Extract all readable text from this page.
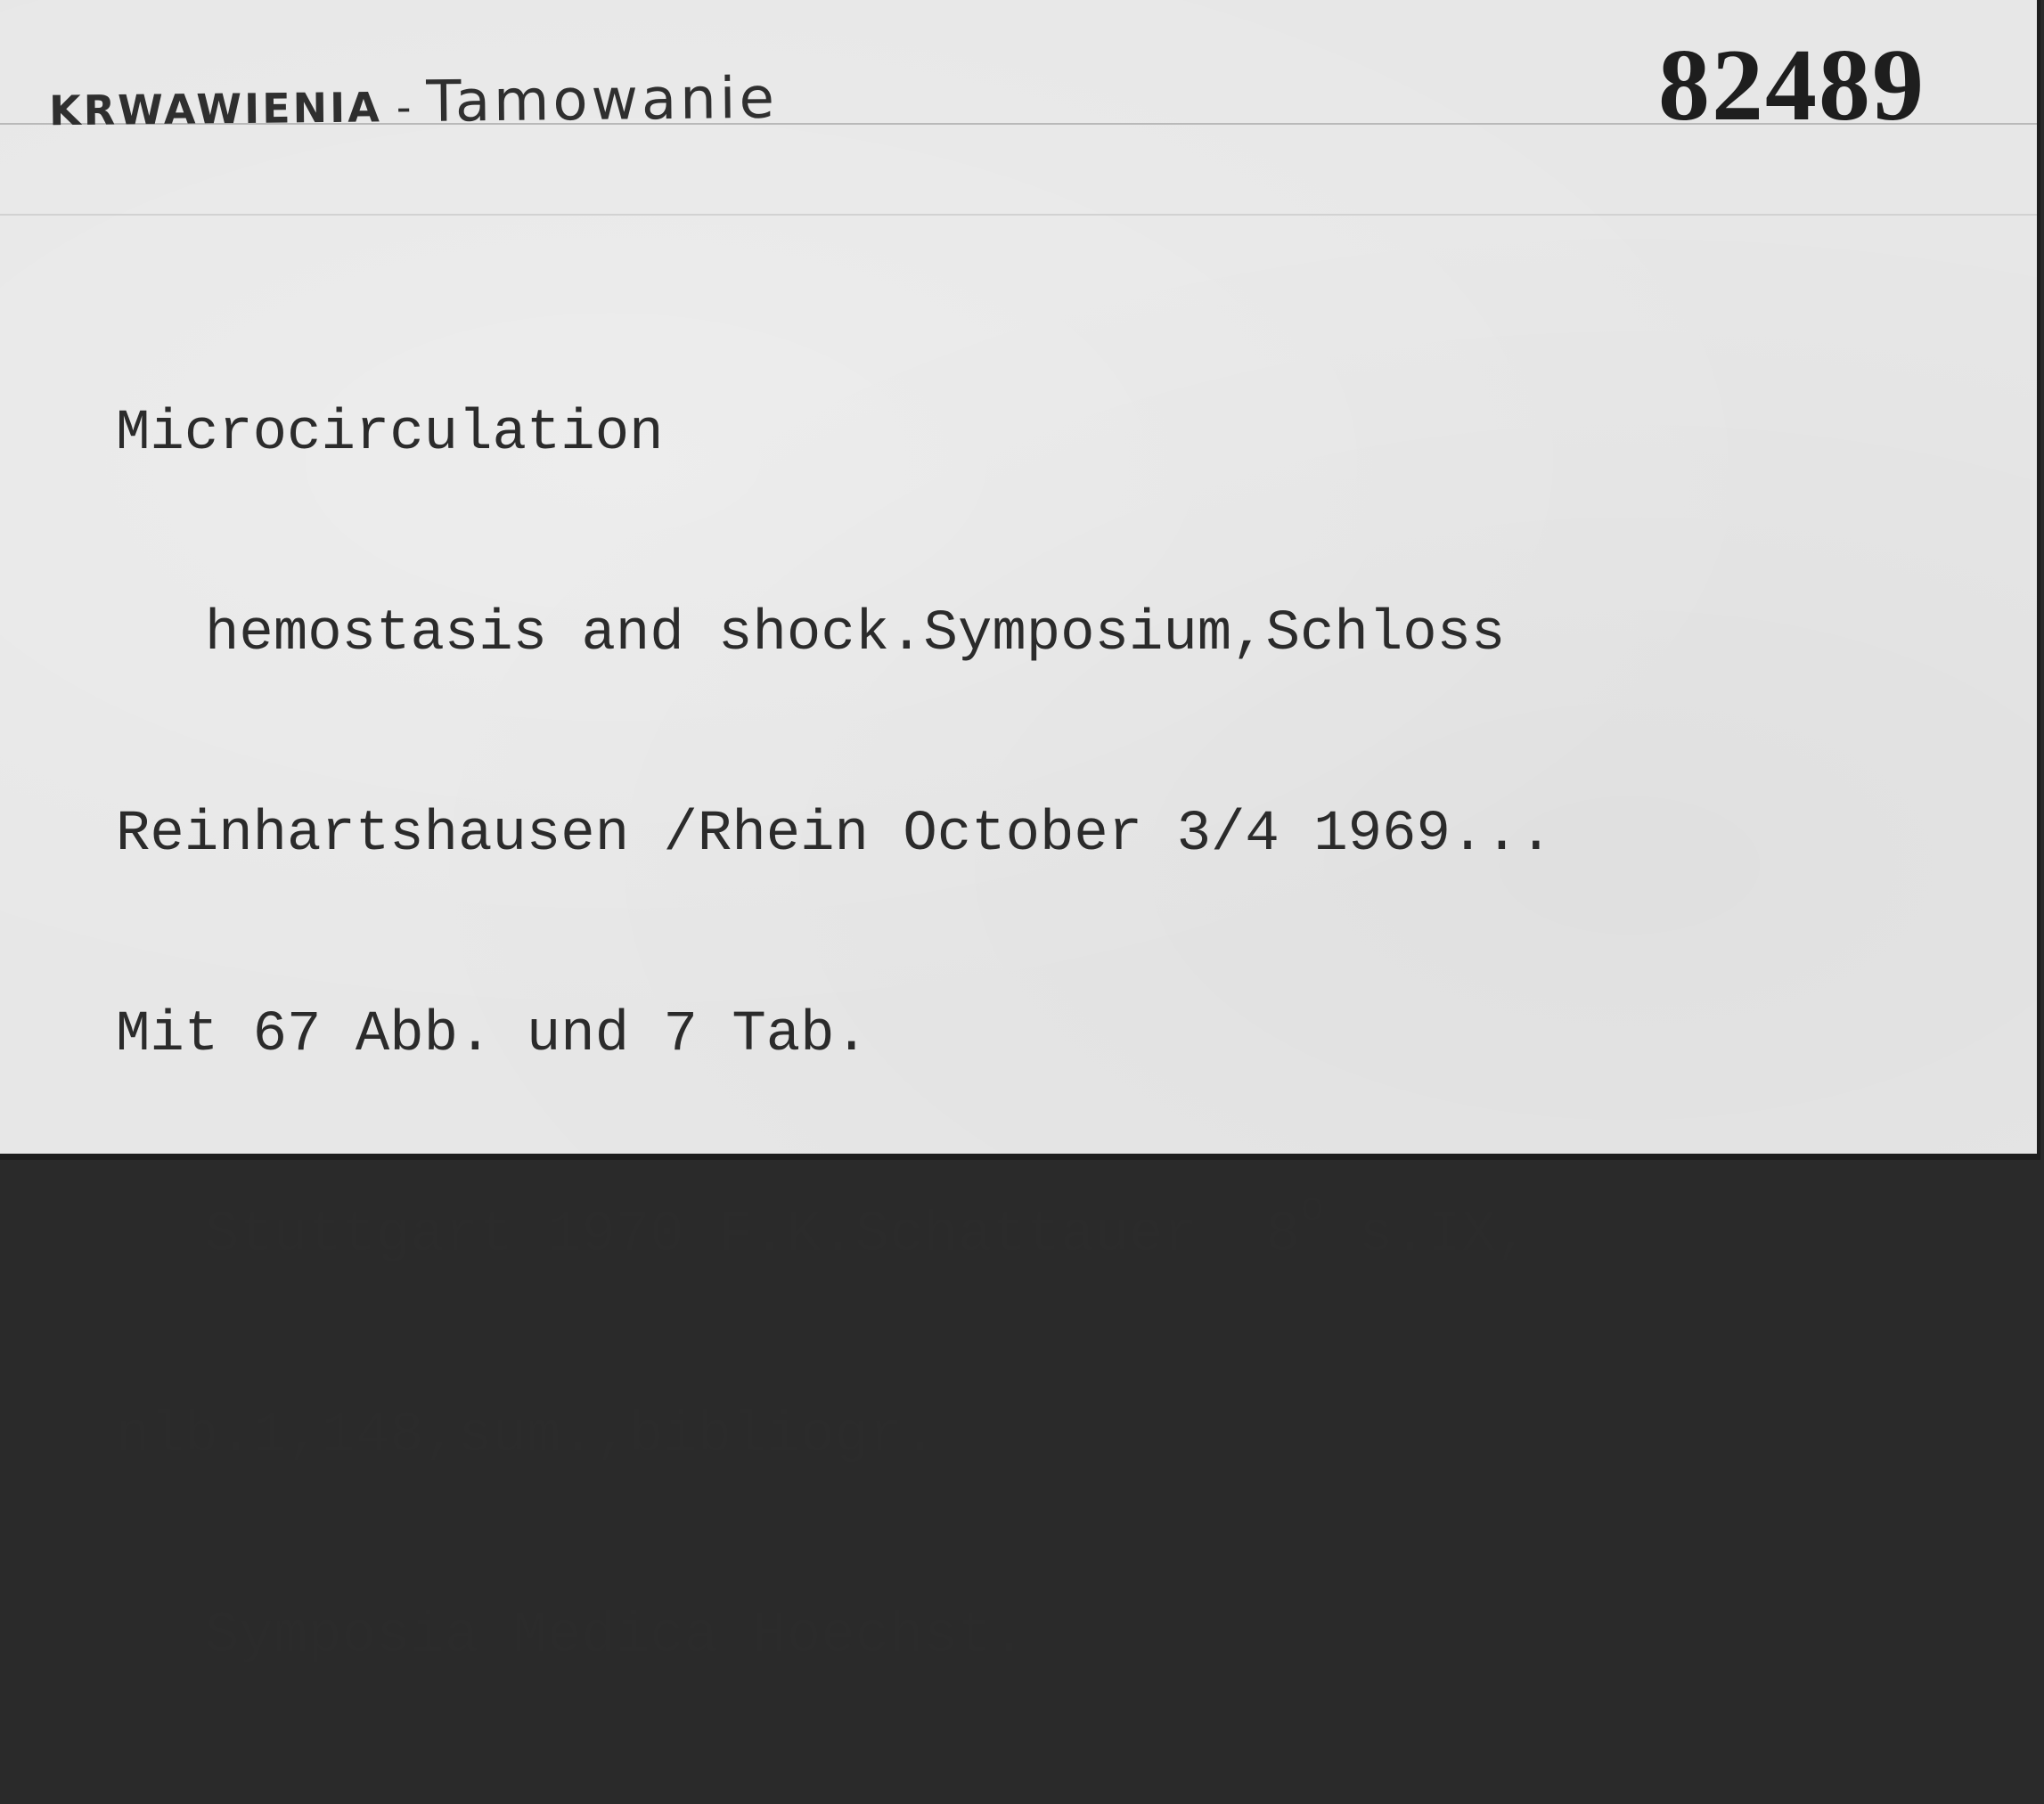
KRWAWIENIA - Tamowanie	82489

Microcirculation

hemostasis and shock.Symposium,Schloss

Reinhartshausen /Rhein October 3/4 1969...

Mit 67 Abb. und 7 Tab.

Stuttgart 1970 F.K.Schattauer  8$^o$ s.IX,

nlb.1,148,sum.,bibliogr.

Symposia Medica Hoechst.
